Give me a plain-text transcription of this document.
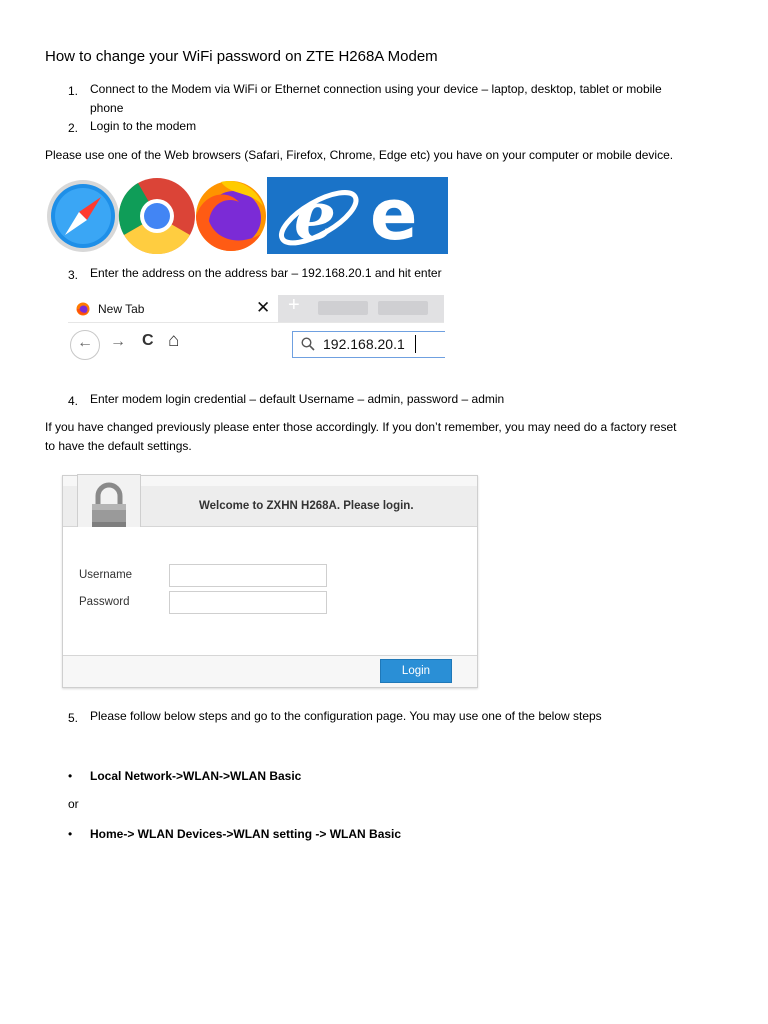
How to change your WiFi password on ZTE H268A Modem
1. Connect to the Modem via WiFi or Ethernet connection using your device – laptop, desktop, tablet or mobile
phone
2. Login to the modem
Please use one of the Web browsers (Safari, Firefox, Chrome, Edge etc) you have on your computer or mobile device.
e e
3. Enter the address on the address bar – 192.168.20.1 and hit enter
New Tab	✕ +
← → C ⌂	192.168.20.1
4. Enter modem login credential – default Username – admin, password – admin
If you have changed previously please enter those accordingly. If you don’t remember, you may need do a factory reset
to have the default settings.
Welcome to ZXHN H268A. Please login.
Username
Password
Login
5. Please follow below steps and go to the configuration page. You may use one of the below steps
• Local Network->WLAN->WLAN Basic
or
• Home-> WLAN Devices->WLAN setting -> WLAN Basic
